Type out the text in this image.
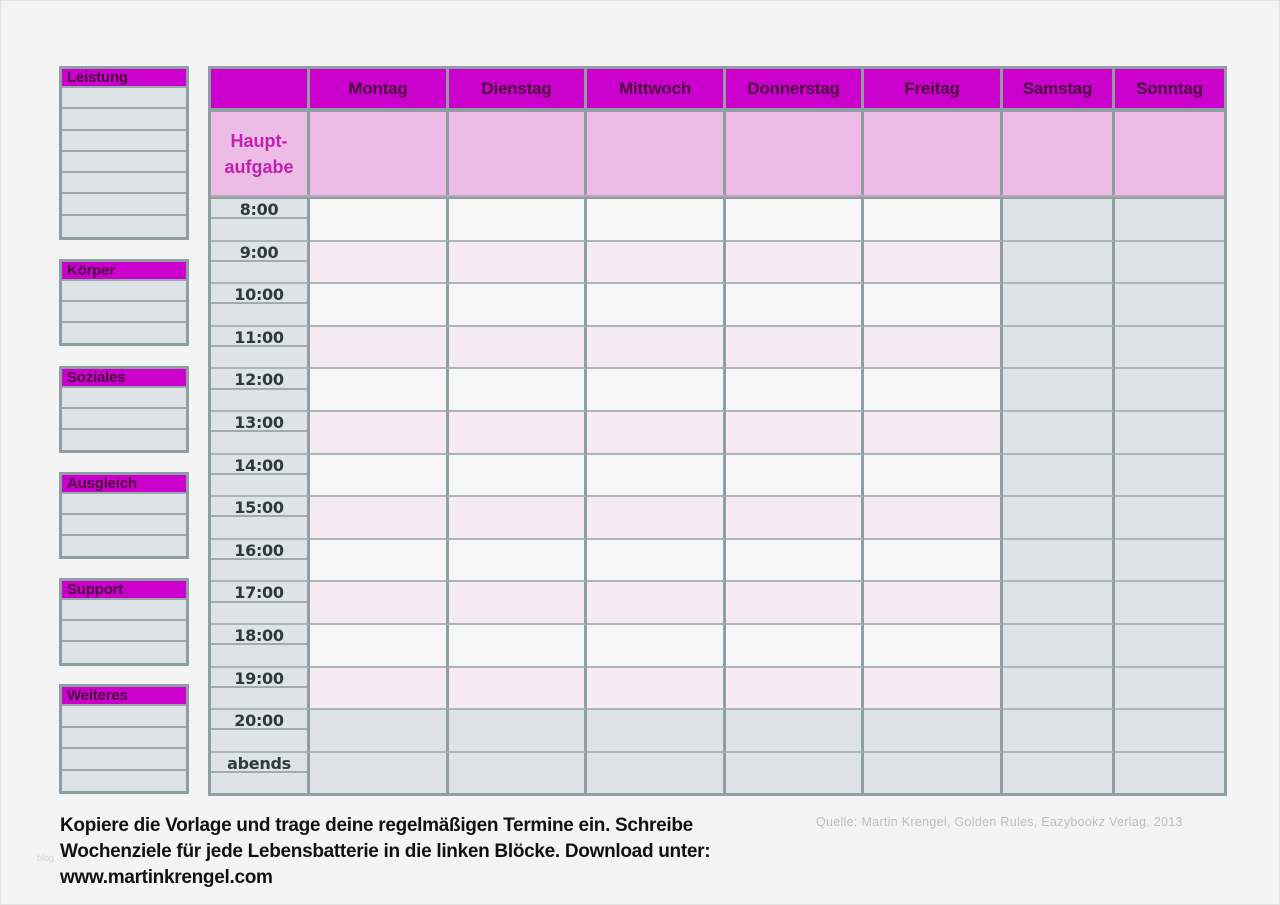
Leistung
Körper
Soziales
Ausgleich
Support
Weiteres
Montag	Dienstag	Mittwoch	Donnerstag	Freitag	Samstag	Sonntag
Haupt-
aufgabe
8:00
9:00
10:00
11:00
12:00
13:00
14:00
15:00
16:00
17:00
18:00
19:00
20:00
abends
Kopiere die Vorlage und trage deine regelmäßigen Termine ein. Schreibe
Wochenziele für jede Lebensbatterie in die linken Blöcke. Download unter:
www.martinkrengel.com
Quelle: Martin Krengel, Golden Rules, Eazybookz Verlag, 2013
blog
